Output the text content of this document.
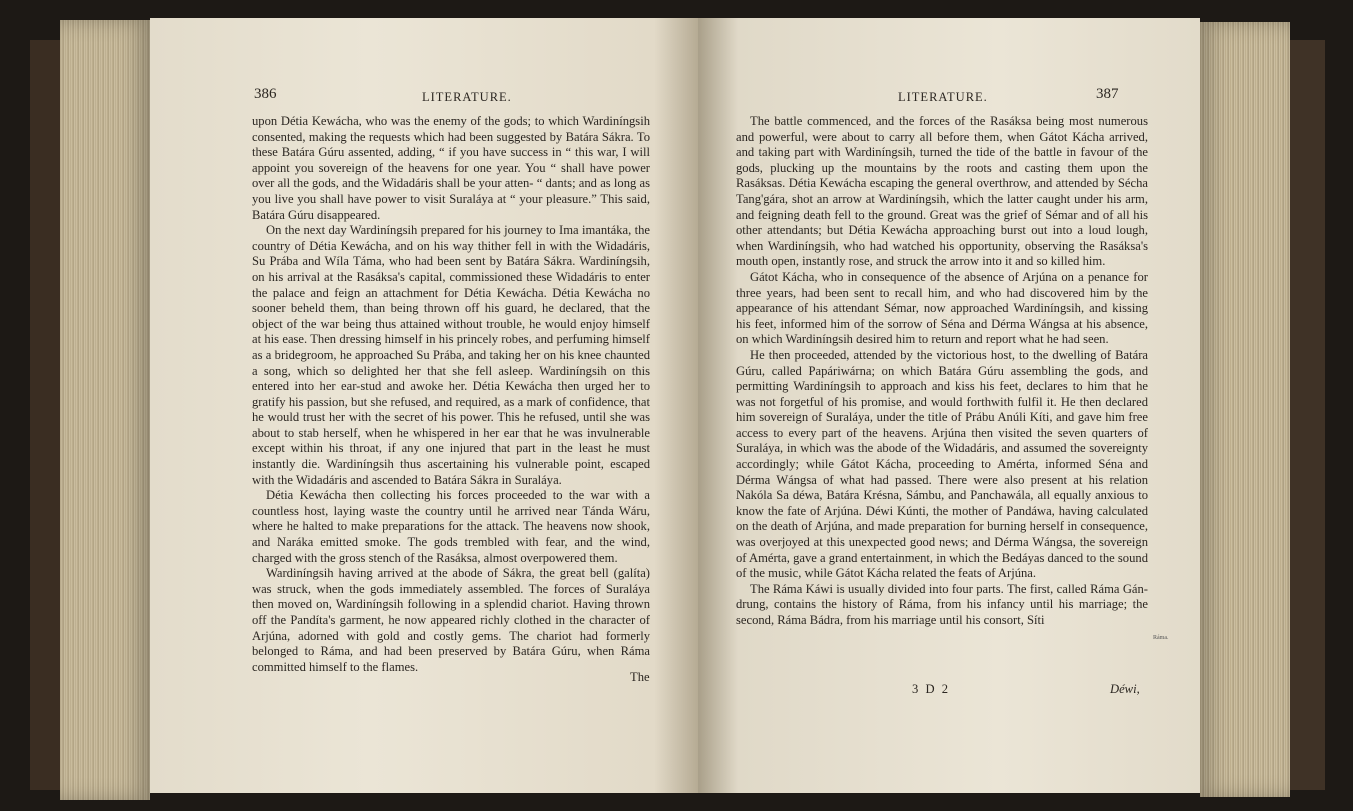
386	LITERATURE.

upon Détia Kewácha, who was the enemy of the gods; to which Wardiníngsih consented, making the requests which had been suggested by Batára Sákra. To these Batára Gúru assented, adding, “ if you have success in “ this war, I will appoint you sovereign of the heavens for one year. You “ shall have power over all the gods, and the Widadáris shall be your atten- “ dants; and as long as you live you shall have power to visit Suraláya at “ your pleasure.” This said, Batára Gúru disappeared.

On the next day Wardiníngsih prepared for his journey to Ima imantáka, the country of Détia Kewácha, and on his way thither fell in with the Widadáris, Su Prába and Wíla Táma, who had been sent by Batára Sákra. Wardiníngsih, on his arrival at the Rasáksa's capital, commissioned these Widadáris to enter the palace and feign an attachment for Détia Kewácha. Détia Kewácha no sooner beheld them, than being thrown off his guard, he declared, that the object of the war being thus attained without trouble, he would enjoy himself at his ease. Then dressing himself in his princely robes, and perfuming himself as a bridegroom, he approached Su Prába, and taking her on his knee chaunted a song, which so delighted her that she fell asleep. Wardiníngsih on this entered into her ear-stud and awoke her. Détia Kewácha then urged her to gratify his passion, but she refused, and required, as a mark of confidence, that he would trust her with the secret of his power. This he refused, until she was about to stab herself, when he whispered in her ear that he was invulnerable except within his throat, if any one injured that part in the least he must instantly die. Wardiníngsih thus ascertaining his vulnerable point, escaped with the Widadáris and ascended to Batára Sákra in Suraláya.

Détia Kewácha then collecting his forces proceeded to the war with a countless host, laying waste the country until he arrived near Tánda Wáru, where he halted to make preparations for the attack. The heavens now shook, and Naráka emitted smoke. The gods trembled with fear, and the wind, charged with the gross stench of the Rasáksa, almost overpowered them.

Wardiníngsih having arrived at the abode of Sákra, the great bell (galíta) was struck, when the gods immediately assembled. The forces of Suraláya then moved on, Wardiníngsih following in a splendid chariot. Having thrown off the Pandíta's garment, he now appeared richly clothed in the character of Arjúna, adorned with gold and costly gems. The chariot had formerly belonged to Ráma, and had been preserved by Batára Gúru, when Ráma committed himself to the flames.

The
LITERATURE.	387

The battle commenced, and the forces of the Rasáksa being most numerous and powerful, were about to carry all before them, when Gátot Kácha arrived, and taking part with Wardiníngsih, turned the tide of the battle in favour of the gods, plucking up the mountains by the roots and casting them upon the Rasáksas. Détia Kewácha escaping the general overthrow, and attended by Sécha Tang'gára, shot an arrow at Wardiníngsih, which the latter caught under his arm, and feigning death fell to the ground. Great was the grief of Sémar and of all his other attendants; but Détia Kewácha approaching burst out into a loud lough, when Wardiníngsih, who had watched his opportunity, observing the Rasáksa's mouth open, instantly rose, and struck the arrow into it and so killed him.

Gátot Kácha, who in consequence of the absence of Arjúna on a penance for three years, had been sent to recall him, and who had discovered him by the appearance of his attendant Sémar, now approached Wardiníngsih, and kissing his feet, informed him of the sorrow of Séna and Dérma Wángsa at his absence, on which Wardiníngsih desired him to return and report what he had seen.

He then proceeded, attended by the victorious host, to the dwelling of Batára Gúru, called Papáriwárna; on which Batára Gúru assembling the gods, and permitting Wardiníngsih to approach and kiss his feet, declares to him that he was not forgetful of his promise, and would forthwith fulfil it. He then declared him sovereign of Suraláya, under the title of Prábu Anúli Kíti, and gave him free access to every part of the heavens. Arjúna then visited the seven quarters of Suraláya, in which was the abode of the Widadáris, and assumed the sovereignty accordingly; while Gátot Kácha, proceeding to Amérta, informed Séna and Dérma Wángsa of what had passed. There were also present at his relation Nakóla Sa déwa, Batára Krésna, Sámbu, and Panchawála, all equally anxious to know the fate of Arjúna. Déwi Kúnti, the mother of Pandáwa, having calculated on the death of Arjúna, and made preparation for burning herself in consequence, was overjoyed at this unexpected good news; and Dérma Wángsa, the sovereign of Amérta, gave a grand entertainment, in which the Bedáyas danced to the sound of the music, while Gátot Kácha related the feats of Arjúna.

The Ráma Káwi is usually divided into four parts. The first, called Ráma Gán-drung, contains the history of Ráma, from his infancy until his marriage; the second, Ráma Bádra, from his marriage until his consort, Síti

Ráma.
3 D 2	Déwi,
